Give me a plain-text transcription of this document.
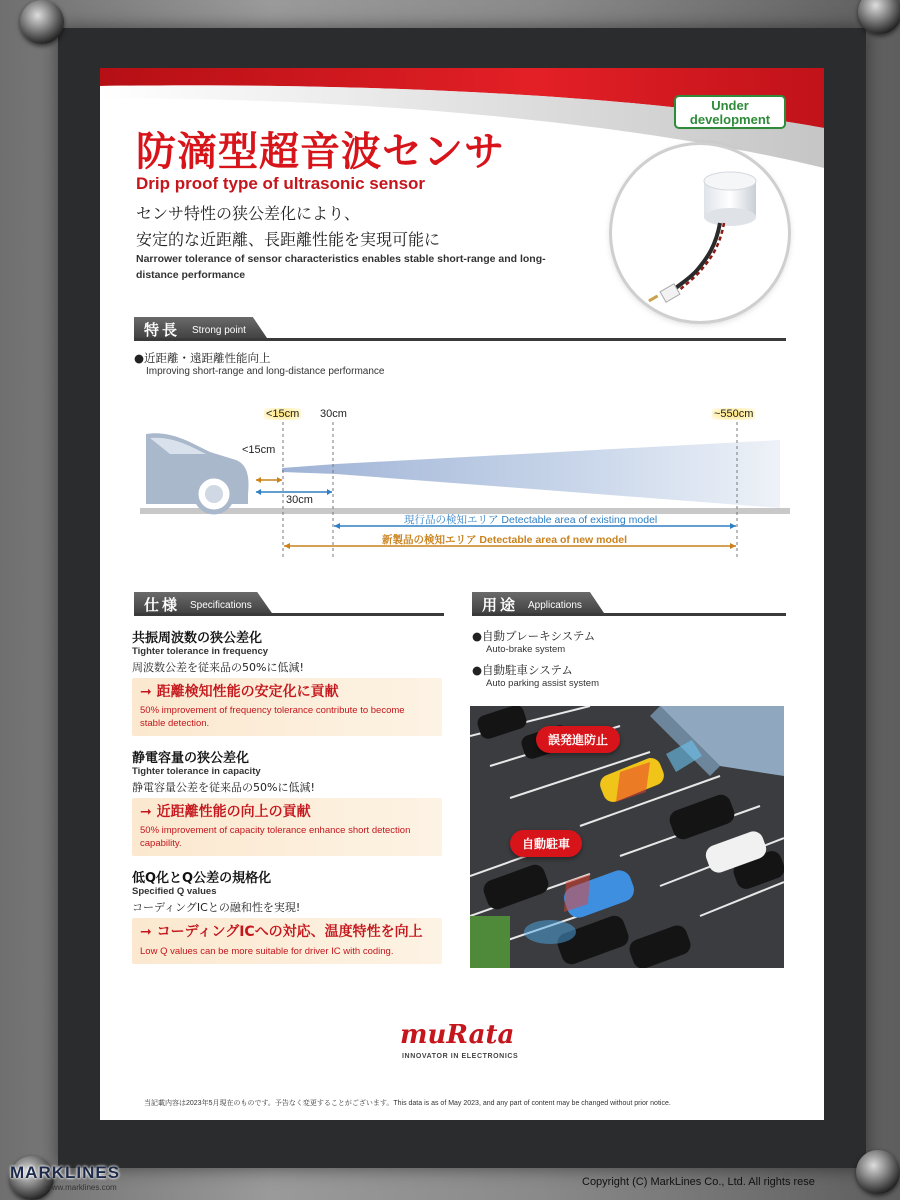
Under
development
防滴型超音波センサ
Drip proof type of ultrasonic sensor
センサ特性の狭公差化により、
安定的な近距離、長距離性能を実現可能に
Narrower tolerance of sensor characteristics enables stable short-range and long-distance performance
特長 Strong point
●近距離・遠距離性能向上
Improving short-range and long-distance performance
<15cm 30cm	~550cm
<15cm
30cm
現行品の検知エリア Detectable area of existing model
新製品の検知エリア Detectable area of new model
仕様 Specifications
共振周波数の狭公差化
Tighter tolerance in frequency
周波数公差を従来品の50%に低減!
➞ 距離検知性能の安定化に貢献
50% improvement of frequency tolerance contribute to become stable detection.
静電容量の狭公差化
Tighter tolerance in capacity
静電容量公差を従来品の50%に低減!
➞ 近距離性能の向上の貢献
50% improvement of capacity tolerance enhance short detection capability.
低Q化とQ公差の規格化
Specified Q values
コーディングICとの融和性を実現!
➞ コーディングICへの対応、温度特性を向上
Low Q values can be more suitable for driver IC with coding.
用途 Applications
●自動ブレーキシステム
Auto-brake system
●自動駐車システム
Auto parking assist system
誤発進防止
自動駐車
muRata
INNOVATOR IN ELECTRONICS
当記載内容は2023年5月現在のものです。予告なく変更することがございます。This data is as of May 2023, and any part of content may be changed without prior notice.
MARKLINES
www.marklines.com	Copyright (C) MarkLines Co., Ltd. All rights rese
